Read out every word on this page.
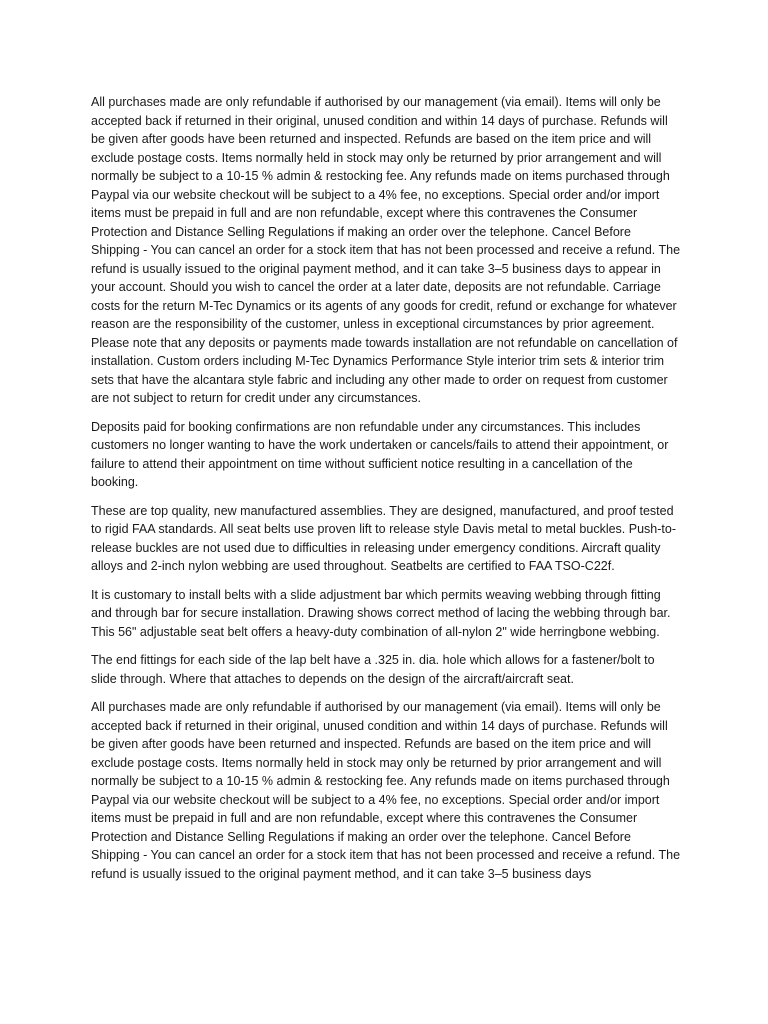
All purchases made are only refundable if authorised by our management (via email). Items will only be accepted back if returned in their original, unused condition and within 14 days of purchase. Refunds will be given after goods have been returned and inspected. Refunds are based on the item price and will exclude postage costs. Items normally held in stock may only be returned by prior arrangement and will normally be subject to a 10-15 % admin & restocking fee. Any refunds made on items purchased through Paypal via our website checkout will be subject to a 4% fee, no exceptions. Special order and/or import items must be prepaid in full and are non refundable, except where this contravenes the Consumer Protection and Distance Selling Regulations if making an order over the telephone. Cancel Before Shipping - You can cancel an order for a stock item that has not been processed and receive a refund. The refund is usually issued to the original payment method, and it can take 3–5 business days to appear in your account. Should you wish to cancel the order at a later date, deposits are not refundable. Carriage costs for the return M-Tec Dynamics or its agents of any goods for credit, refund or exchange for whatever reason are the responsibility of the customer, unless in exceptional circumstances by prior agreement. Please note that any deposits or payments made towards installation are not refundable on cancellation of installation. Custom orders including M-Tec Dynamics Performance Style interior trim sets & interior trim sets that have the alcantara style fabric and including any other made to order on request from customer are not subject to return for credit under any circumstances.

Deposits paid for booking confirmations are non refundable under any circumstances. This includes customers no longer wanting to have the work undertaken or cancels/fails to attend their appointment, or failure to attend their appointment on time without sufficient notice resulting in a cancellation of the booking.

These are top quality, new manufactured assemblies. They are designed, manufactured, and proof tested to rigid FAA standards. All seat belts use proven lift to release style Davis metal to metal buckles. Push-to-release buckles are not used due to difficulties in releasing under emergency conditions. Aircraft quality alloys and 2-inch nylon webbing are used throughout. Seatbelts are certified to FAA TSO-C22f.

It is customary to install belts with a slide adjustment bar which permits weaving webbing through fitting and through bar for secure installation. Drawing shows correct method of lacing the webbing through bar. This 56" adjustable seat belt offers a heavy-duty combination of all-nylon 2" wide herringbone webbing.

The end fittings for each side of the lap belt have a .325 in. dia. hole which allows for a fastener/bolt to slide through. Where that attaches to depends on the design of the aircraft/aircraft seat.

All purchases made are only refundable if authorised by our management (via email). Items will only be accepted back if returned in their original, unused condition and within 14 days of purchase. Refunds will be given after goods have been returned and inspected. Refunds are based on the item price and will exclude postage costs. Items normally held in stock may only be returned by prior arrangement and will normally be subject to a 10-15 % admin & restocking fee. Any refunds made on items purchased through Paypal via our website checkout will be subject to a 4% fee, no exceptions. Special order and/or import items must be prepaid in full and are non refundable, except where this contravenes the Consumer Protection and Distance Selling Regulations if making an order over the telephone. Cancel Before Shipping - You can cancel an order for a stock item that has not been processed and receive a refund. The refund is usually issued to the original payment method, and it can take 3–5 business days
